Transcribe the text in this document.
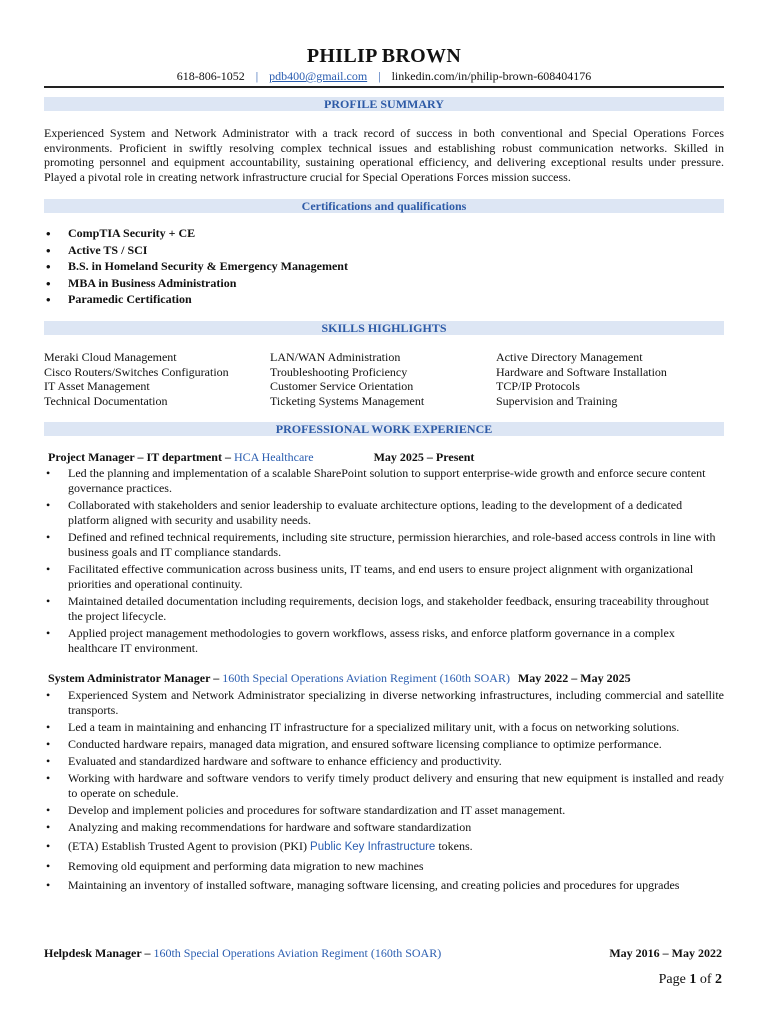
PHILIP BROWN
618-806-1052 | pdb400@gmail.com | linkedin.com/in/philip-brown-608404176
PROFILE SUMMARY
Experienced System and Network Administrator with a track record of success in both conventional and Special Operations Forces environments. Proficient in swiftly resolving complex technical issues and establishing robust communication networks. Skilled in promoting personnel and equipment accountability, sustaining operational efficiency, and delivering exceptional results under pressure. Played a pivotal role in creating network infrastructure crucial for Special Operations Forces mission success.
Certifications and qualifications
• CompTIA Security + CE
• Active TS / SCI
• B.S. in Homeland Security & Emergency Management
• MBA in Business Administration
• Paramedic Certification
SKILLS HIGHLIGHTS
Meraki Cloud Management	LAN/WAN Administration	Active Directory Management
Cisco Routers/Switches Configuration	Troubleshooting Proficiency	Hardware and Software Installation
IT Asset Management	Customer Service Orientation	TCP/IP Protocols
Technical Documentation	Ticketing Systems Management	Supervision and Training
PROFESSIONAL WORK EXPERIENCE
Project Manager – IT department – HCA Healthcare	May 2025 – Present
• Led the planning and implementation of a scalable SharePoint solution to support enterprise-wide growth and enforce secure content governance practices.
• Collaborated with stakeholders and senior leadership to evaluate architecture options, leading to the development of a dedicated platform aligned with security and usability needs.
• Defined and refined technical requirements, including site structure, permission hierarchies, and role-based access controls in line with business goals and IT compliance standards.
• Facilitated effective communication across business units, IT teams, and end users to ensure project alignment with organizational priorities and operational continuity.
• Maintained detailed documentation including requirements, decision logs, and stakeholder feedback, ensuring traceability throughout the project lifecycle.
• Applied project management methodologies to govern workflows, assess risks, and enforce platform governance in a complex healthcare IT environment.
System Administrator Manager – 160th Special Operations Aviation Regiment (160th SOAR) May 2022 – May 2025
• Experienced System and Network Administrator specializing in diverse networking infrastructures, including commercial and satellite transports.
• Led a team in maintaining and enhancing IT infrastructure for a specialized military unit, with a focus on networking solutions.
• Conducted hardware repairs, managed data migration, and ensured software licensing compliance to optimize performance.
• Evaluated and standardized hardware and software to enhance efficiency and productivity.
• Working with hardware and software vendors to verify timely product delivery and ensuring that new equipment is installed and ready to operate on schedule.
• Develop and implement policies and procedures for software standardization and IT asset management.
• Analyzing and making recommendations for hardware and software standardization
• (ETA) Establish Trusted Agent to provision (PKI) Public Key Infrastructure tokens.
• Removing old equipment and performing data migration to new machines
• Maintaining an inventory of installed software, managing software licensing, and creating policies and procedures for upgrades
Helpdesk Manager – 160th Special Operations Aviation Regiment (160th SOAR)	May 2016 – May 2022
Page 1 of 2
